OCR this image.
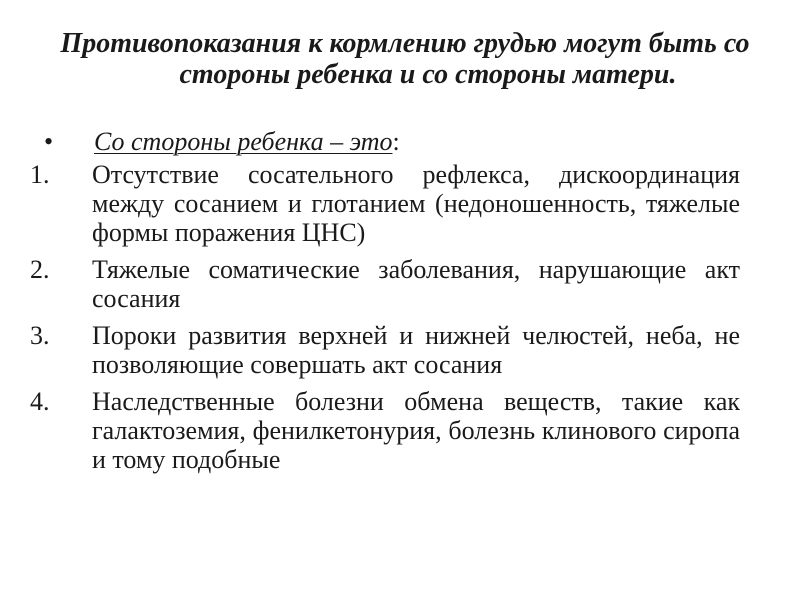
Противопоказания к кормлению грудью могут быть со стороны ребенка и со стороны матери.
• Со стороны ребенка – это:
1. Отсутствие сосательного рефлекса, дискоординация между сосанием и глотанием (недоношенность, тяжелые формы поражения ЦНС)
2. Тяжелые соматические заболевания, нарушающие акт сосания
3. Пороки развития верхней и нижней челюстей, неба, не позволяющие совершать акт сосания
4. Наследственные болезни обмена веществ, такие как галактоземия, фенилкетонурия, болезнь клинового сиропа и тому подобные
